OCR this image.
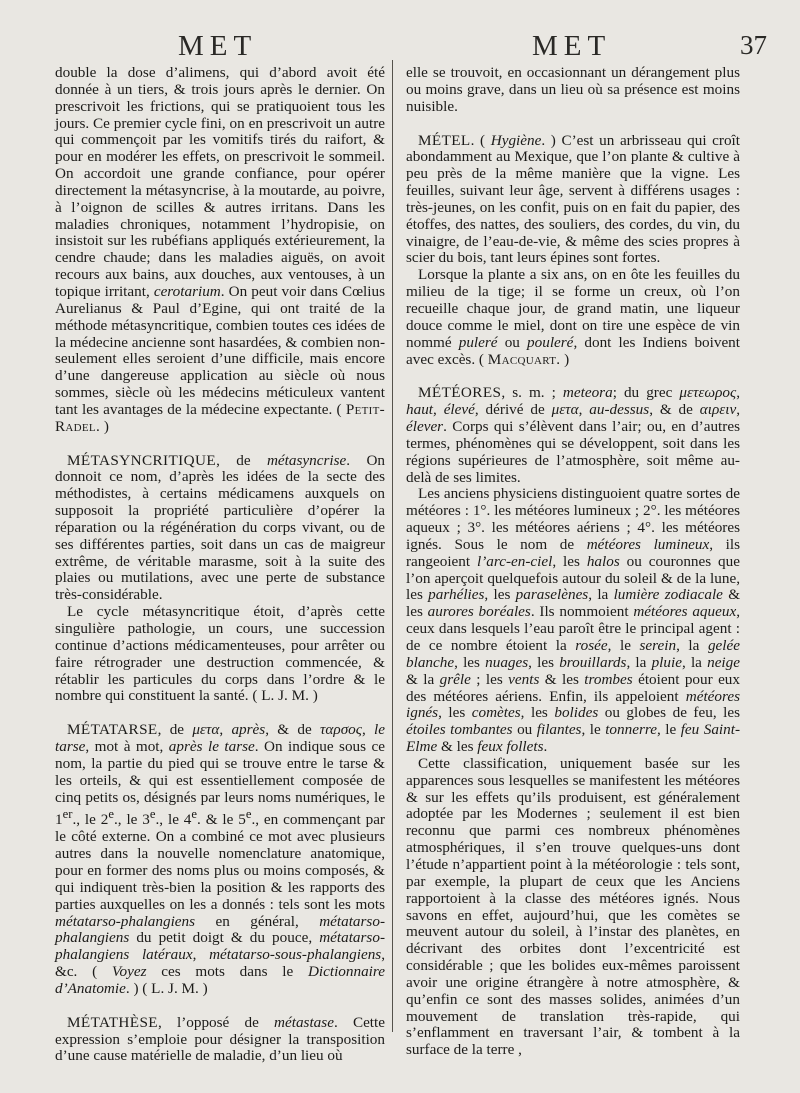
MET	MET	37

double la dose d’alimens, qui d’abord avoit été donnée à un tiers, & trois jours après le dernier. On prescrivoit les frictions, qui se pratiquoient tous les jours. Ce premier cycle fini, on en prescrivoit un autre qui commençoit par les vomitifs tirés du raifort, & pour en modérer les effets, on prescrivoit le sommeil. On accordoit une grande confiance, pour opérer directement la métasyncrise, à la moutarde, au poivre, à l’oignon de scilles & autres irritans. Dans les maladies chroniques, notamment l’hydropisie, on insistoit sur les rubéfians appliqués extérieurement, la cendre chaude; dans les maladies aiguës, on avoit recours aux bains, aux douches, aux ventouses, à un topique irritant, cerotarium. On peut voir dans Cœlius Aurelianus & Paul d’Egine, qui ont traité de la méthode métasyncritique, combien toutes ces idées de la médecine ancienne sont hasardées, & combien non-seulement elles seroient d’une difficile, mais encore d’une dangereuse application au siècle où nous sommes, siècle où les médecins méticuleux vantent tant les avantages de la médecine expectante. ( Petit-Radel. )

MÉTASYNCRITIQUE, de métasyncrise. On donnoit ce nom, d’après les idées de la secte des méthodistes, à certains médicamens auxquels on supposoit la propriété particulière d’opérer la réparation ou la régénération du corps vivant, ou de ses différentes parties, soit dans un cas de maigreur extrême, de véritable marasme, soit à la suite des plaies ou mutilations, avec une perte de substance très-considérable.

Le cycle métasyncritique étoit, d’après cette singulière pathologie, un cours, une succession continue d’actions médicamenteuses, pour arrêter ou faire rétrograder une destruction commencée, & rétablir les particules du corps dans l’ordre & le nombre qui constituent la santé. ( L. J. M. )

MÉTATARSE, de μετα, après, & de ταρσος, le tarse, mot à mot, après le tarse. On indique sous ce nom, la partie du pied qui se trouve entre le tarse & les orteils, & qui est essentiellement composée de cinq petits os, désignés par leurs noms numériques, le 1er., le 2e., le 3e., le 4e. & le 5e., en commençant par le côté externe. On a combiné ce mot avec plusieurs autres dans la nouvelle nomenclature anatomique, pour en former des noms plus ou moins composés, & qui indiquent très-bien la position & les rapports des parties auxquelles on les a donnés : tels sont les mots métatarso-phalangiens en général, métatarso-phalangiens du petit doigt & du pouce, métatarso-phalangiens latéraux, métatarso-sous-phalangiens, &c. ( Voyez ces mots dans le Dictionnaire d’Anatomie. ) ( L. J. M. )

MÉTATHÈSE, l’opposé de métastase. Cette expression s’emploie pour désigner la transposition d’une cause matérielle de maladie, d’un lieu où

elle se trouvoit, en occasionnant un dérangement plus ou moins grave, dans un lieu où sa présence est moins nuisible.

MÉTEL. ( Hygiène. ) C’est un arbrisseau qui croît abondamment au Mexique, que l’on plante & cultive à peu près de la même manière que la vigne. Les feuilles, suivant leur âge, servent à différens usages : très-jeunes, on les confit, puis on en fait du papier, des étoffes, des nattes, des souliers, des cordes, du vin, du vinaigre, de l’eau-de-vie, & même des scies propres à scier du bois, tant leurs épines sont fortes.

Lorsque la plante a six ans, on en ôte les feuilles du milieu de la tige; il se forme un creux, où l’on recueille chaque jour, de grand matin, une liqueur douce comme le miel, dont on tire une espèce de vin nommé puleré ou pouleré, dont les Indiens boivent avec excès. ( Macquart. )

MÉTÉORES, s. m. ; meteora; du grec μετεωρος, haut, élevé, dérivé de μετα, au-dessus, & de αιρειν, élever. Corps qui s’élèvent dans l’air; ou, en d’autres termes, phénomènes qui se développent, soit dans les régions supérieures de l’atmosphère, soit même au-delà de ses limites.

Les anciens physiciens distinguoient quatre sortes de météores : 1°. les météores lumineux ; 2°. les météores aqueux ; 3°. les météores aériens ; 4°. les météores ignés. Sous le nom de météores lumineux, ils rangeoient l’arc-en-ciel, les halos ou couronnes que l’on aperçoit quelquefois autour du soleil & de la lune, les parhélies, les paraselènes, la lumière zodiacale & les aurores boréales. Ils nommoient météores aqueux, ceux dans lesquels l’eau paroît être le principal agent : de ce nombre étoient la rosée, le serein, la gelée blanche, les nuages, les brouillards, la pluie, la neige & la grêle ; les vents & les trombes étoient pour eux des météores aériens. Enfin, ils appeloient météores ignés, les comètes, les bolides ou globes de feu, les étoiles tombantes ou filantes, le tonnerre, le feu Saint-Elme & les feux follets.

Cette classification, uniquement basée sur les apparences sous lesquelles se manifestent les météores & sur les effets qu’ils produisent, est généralement adoptée par les Modernes ; seulement il est bien reconnu que parmi ces nombreux phénomènes atmosphériques, il s’en trouve quelques-uns dont l’étude n’appartient point à la météorologie : tels sont, par exemple, la plupart de ceux que les Anciens rapportoient à la classe des météores ignés. Nous savons en effet, aujourd’hui, que les comètes se meuvent autour du soleil, à l’instar des planètes, en décrivant des orbites dont l’excentricité est considérable ; que les bolides eux-mêmes paroissent avoir une origine étrangère à notre atmosphère, & qu’enfin ce sont des masses solides, animées d’un mouvement de translation très-rapide, qui s’enflamment en traversant l’air, & tombent à la surface de la terre ,
